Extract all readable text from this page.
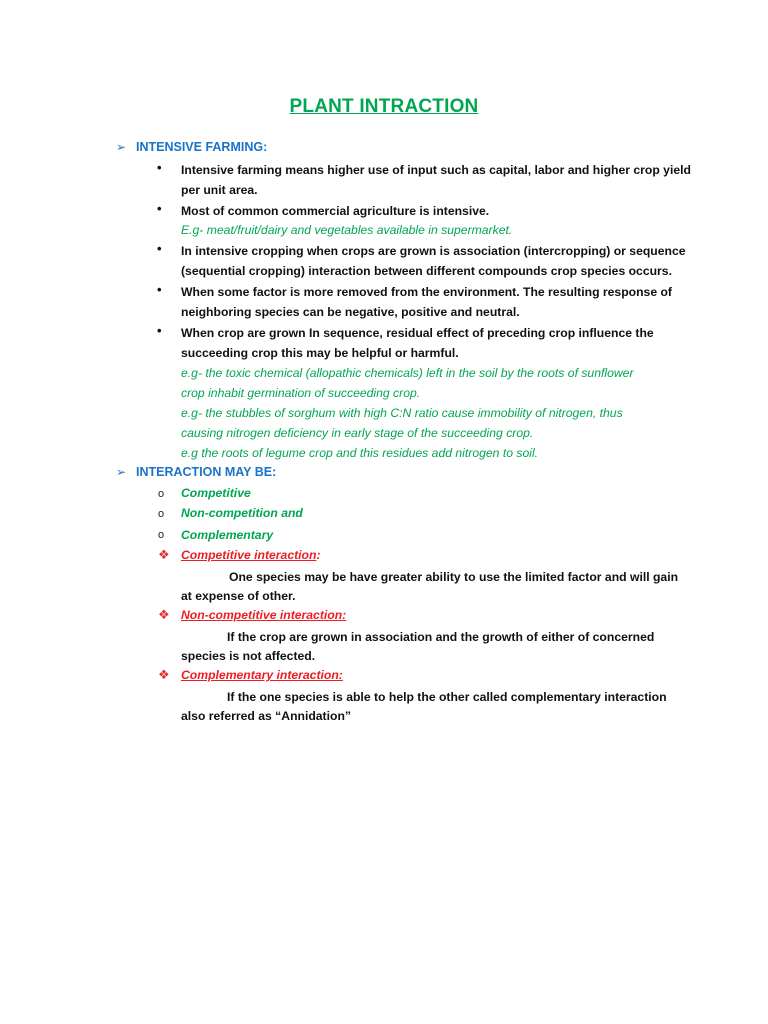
PLANT INTRACTION
➢ INTENSIVE FARMING:
• Intensive farming means higher use of input such as capital, labor and higher crop yield
per unit area.
• Most of common commercial agriculture is intensive.
E.g- meat/fruit/dairy and vegetables available in supermarket.
• In intensive cropping when crops are grown is association (intercropping) or sequence
(sequential cropping) interaction between different compounds crop species occurs.
• When some factor is more removed from the environment. The resulting response of
neighboring species can be negative, positive and neutral.
• When crop are grown In sequence, residual effect of preceding crop influence the
succeeding crop this may be helpful or harmful.
e.g- the toxic chemical (allopathic chemicals) left in the soil by the roots of sunflower
crop inhabit germination of succeeding crop.
e.g- the stubbles of sorghum with high C:N ratio cause immobility of nitrogen, thus
causing nitrogen deficiency in early stage of the succeeding crop.
e.g the roots of legume crop and this residues add nitrogen to soil.
➢ INTERACTION MAY BE:
o Competitive
o Non-competition and
o Complementary
❖ Competitive interaction:
One species may be have greater ability to use the limited factor and will gain
at expense of other.
❖ Non-competitive interaction:
If the crop are grown in association and the growth of either of concerned
species is not affected.
❖ Complementary interaction:
If the one species is able to help the other called complementary interaction
also referred as “Annidation”
